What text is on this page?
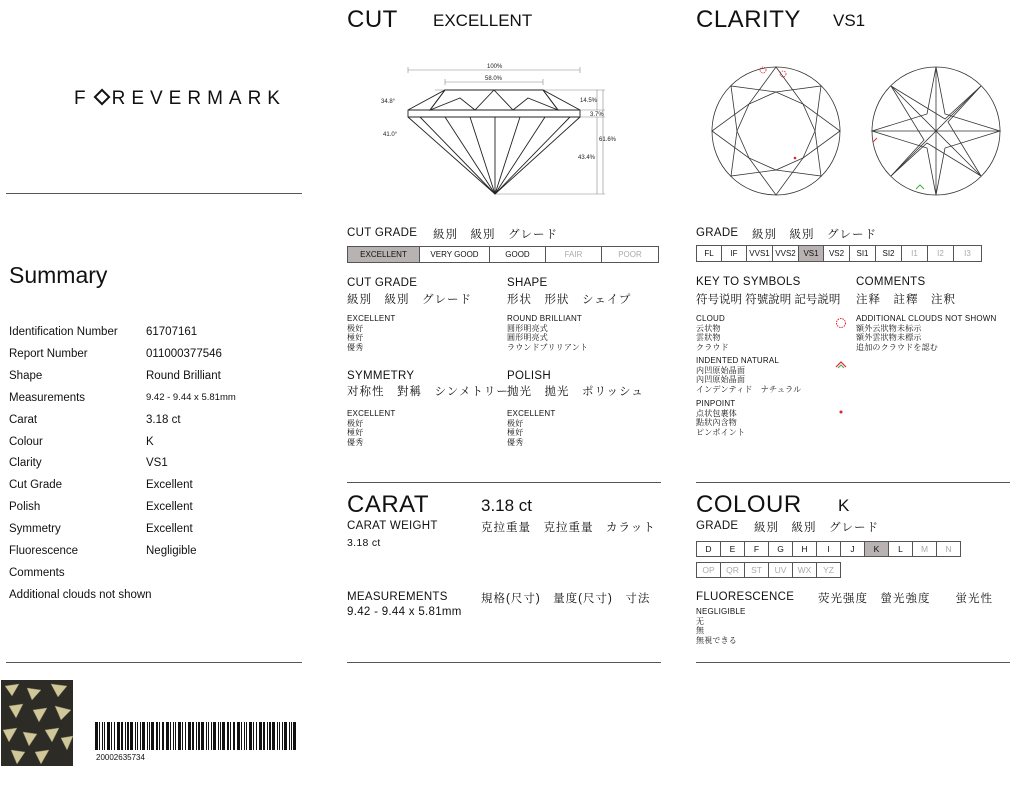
F REVERMARK
Summary
Identification Number 61707161
Report Number	011000377546
Shape	Round Brilliant
Measurements	9.42 - 9.44 x 5.81mm
Carat	3.18 ct
Colour	K
Clarity	VS1
Cut Grade	Excellent
Polish	Excellent
Symmetry	Excellent
Fluorescence	Negligible
Comments
Additional clouds not shown
20002635734
CUT EXCELLENT
100%
58.0%
34.8°
41.0°
14.5%
3.7%
61.6%
43.4%
CUT GRADE 級別　級別　グレード
EXCELLENT	VERY GOOD	GOOD	FAIR	POOR
CUT GRADE
級別　級別　グレード
EXCELLENT
极好
極好
優秀
SHAPE
形状　形狀　シェイプ
ROUND BRILLIANT
圆形明亮式
圓形明亮式
ラウンドブリリアント
SYMMETRY
对称性　對稱　シンメトリー
EXCELLENT
极好
極好
優秀
POLISH
抛光　拋光　ポリッシュ
EXCELLENT
极好
極好
優秀
CARAT	3.18 ct
CARAT WEIGHT	克拉重量　克拉重量　カラット
3.18 ct
MEASUREMENTS	規格(尺寸)　量度(尺寸)　寸法
9.42 - 9.44 x 5.81mm
CLARITY VS1
GRADE 級別　級別　グレード
FL	IF	VVS1 VVS2 VS1	VS2	SI1	SI2	I1	I2	I3
KEY TO SYMBOLS
符号说明 符號說明 記号説明
COMMENTS
注释　註釋　注釈
CLOUD
云状物
雲狀物
クラウド
INDENTED NATURAL
内凹原始晶面
內凹原始晶面
インデンティド　ナチュラル
PINPOINT
点状包裹体
點狀內含物
ピンポイント
ADDITIONAL CLOUDS NOT SHOWN
額外云狀物未标示
額外雲狀物未標示
追加のクラウドを認む
COLOUR K
GRADE 級別　級別　グレード
D	E	F	G	H	I	J	K	L	M	N
OP	QR	ST	UV	WX	YZ
FLUORESCENCE 荧光强度　螢光強度　　蛍光性
NEGLIGIBLE
无
無
無視できる
